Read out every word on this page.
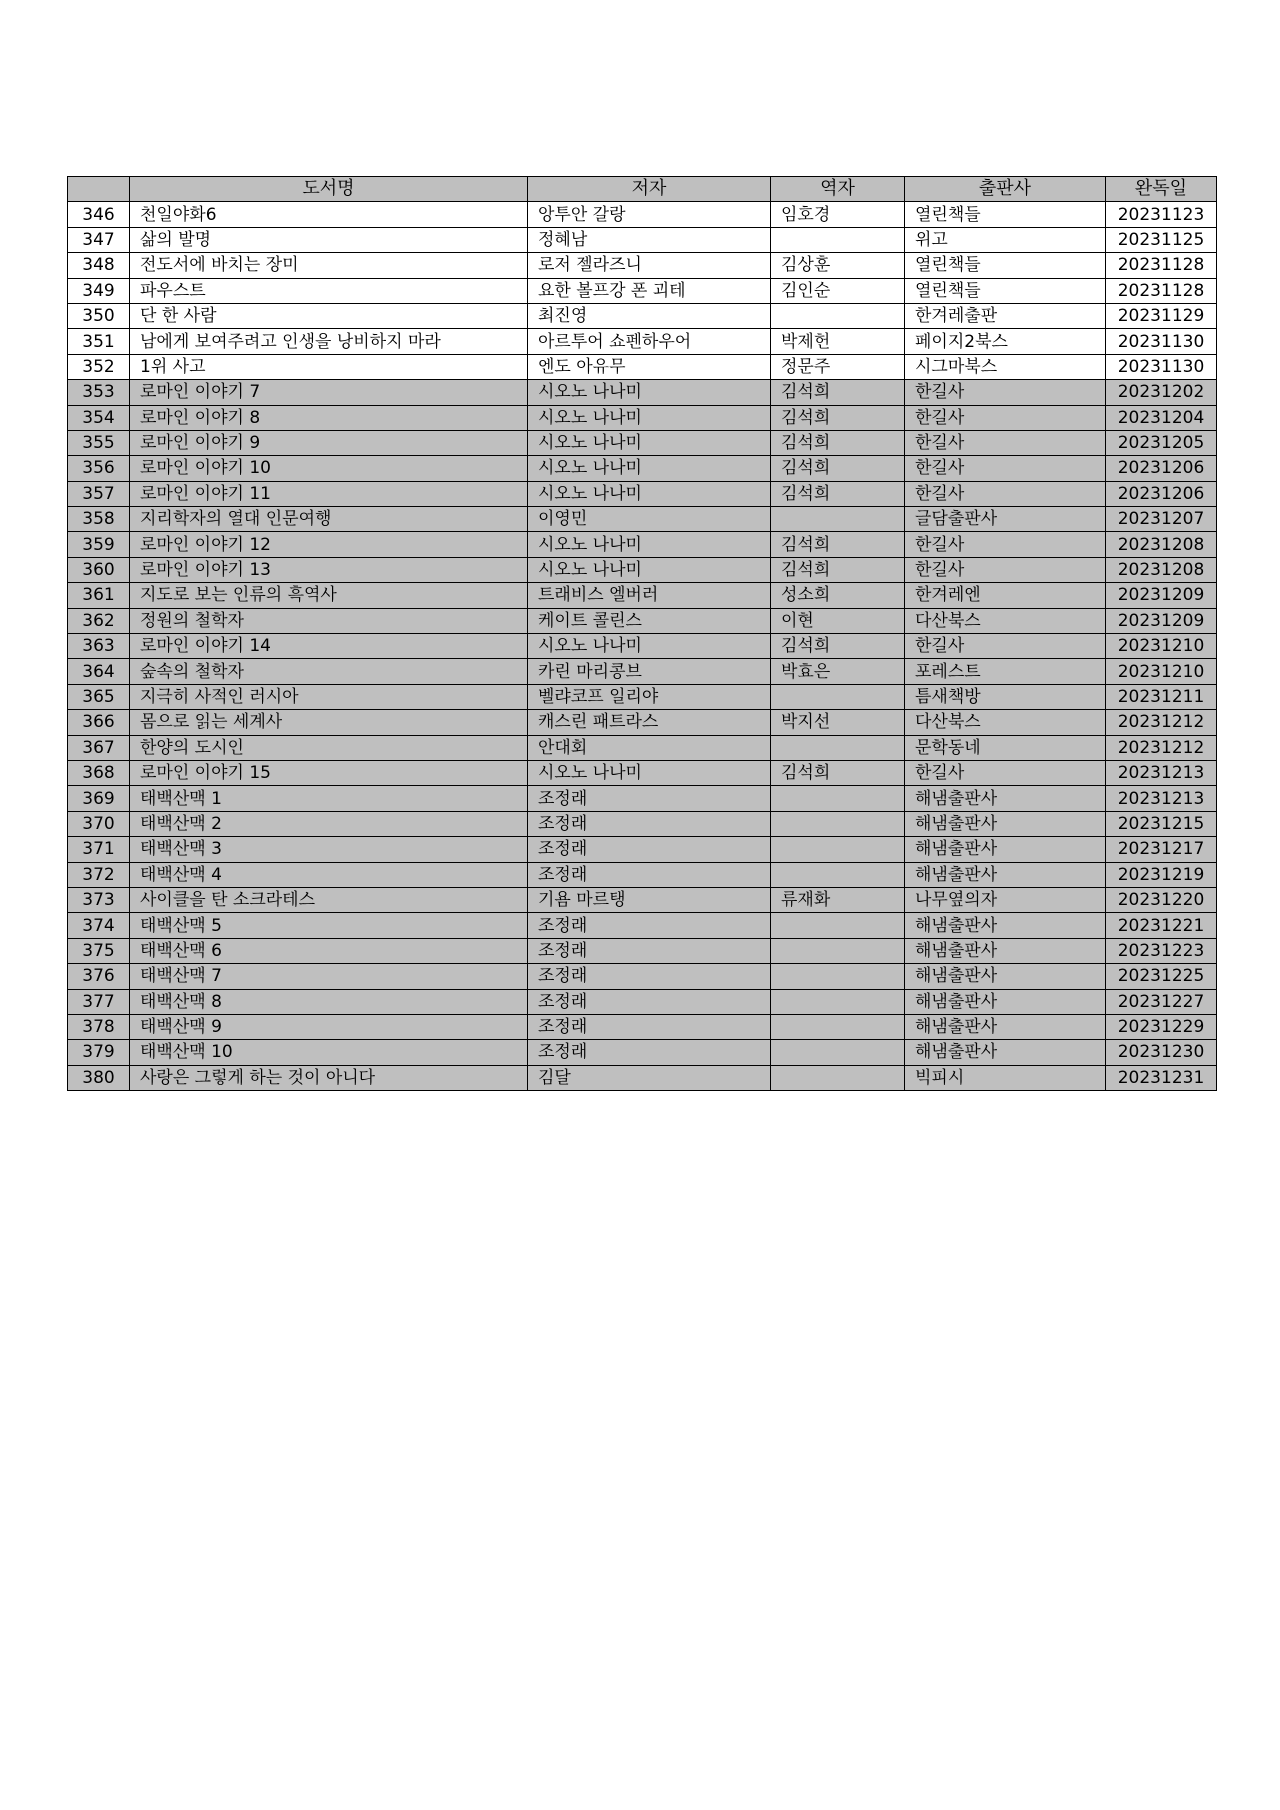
	도서명	저자	역자	출판사	완독일
346	천일야화6	앙투안 갈랑	임호경	열린책들	20231123
347	삶의 발명	정혜남		위고	20231125
348	전도서에 바치는 장미	로저 젤라즈니	김상훈	열린책들	20231128
349	파우스트	요한 볼프강 폰 괴테	김인순	열린책들	20231128
350	단 한 사람	최진영		한겨레출판	20231129
351	남에게 보여주려고 인생을 낭비하지 마라	아르투어 쇼펜하우어	박제헌	페이지2북스	20231130
352	1위 사고	엔도 아유무	정문주	시그마북스	20231130
353	로마인 이야기 7	시오노 나나미	김석희	한길사	20231202
354	로마인 이야기 8	시오노 나나미	김석희	한길사	20231204
355	로마인 이야기 9	시오노 나나미	김석희	한길사	20231205
356	로마인 이야기 10	시오노 나나미	김석희	한길사	20231206
357	로마인 이야기 11	시오노 나나미	김석희	한길사	20231206
358	지리학자의 열대 인문여행	이영민		글담출판사	20231207
359	로마인 이야기 12	시오노 나나미	김석희	한길사	20231208
360	로마인 이야기 13	시오노 나나미	김석희	한길사	20231208
361	지도로 보는 인류의 흑역사	트래비스 엘버러	성소희	한겨레엔	20231209
362	정원의 철학자	케이트 콜린스	이현	다산북스	20231209
363	로마인 이야기 14	시오노 나나미	김석희	한길사	20231210
364	숲속의 철학자	카린 마리콩브	박효은	포레스트	20231210
365	지극히 사적인 러시아	벨랴코프 일리야		틈새책방	20231211
366	몸으로 읽는 세계사	캐스린 패트라스	박지선	다산북스	20231212
367	한양의 도시인	안대회		문학동네	20231212
368	로마인 이야기 15	시오노 나나미	김석희	한길사	20231213
369	태백산맥 1	조정래		해냄출판사	20231213
370	태백산맥 2	조정래		해냄출판사	20231215
371	태백산맥 3	조정래		해냄출판사	20231217
372	태백산맥 4	조정래		해냄출판사	20231219
373	사이클을 탄 소크라테스	기욤 마르탱	류재화	나무옆의자	20231220
374	태백산맥 5	조정래		해냄출판사	20231221
375	태백산맥 6	조정래		해냄출판사	20231223
376	태백산맥 7	조정래		해냄출판사	20231225
377	태백산맥 8	조정래		해냄출판사	20231227
378	태백산맥 9	조정래		해냄출판사	20231229
379	태백산맥 10	조정래		해냄출판사	20231230
380	사랑은 그렇게 하는 것이 아니다	김달		빅피시	20231231
